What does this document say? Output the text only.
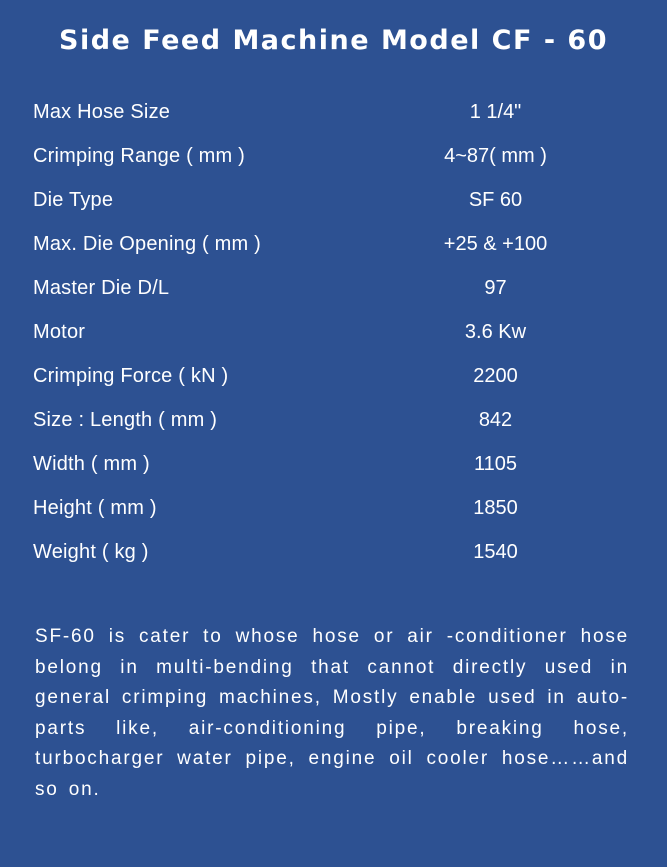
Side Feed Machine Model CF - 60
Max Hose Size	1 1/4"
Crimping Range ( mm )	4~87( mm )
Die Type	SF 60
Max. Die Opening ( mm )	+25 & +100
Master Die D/L	97
Motor	3.6 Kw
Crimping Force ( kN )	2200
Size : Length ( mm )	842
Width ( mm )	1105
Height ( mm )	1850
Weight ( kg )	1540

SF-60 is cater to whose hose or air -conditioner hose belong in multi-bending that cannot directly used in general crimping machines, Mostly enable used in auto-parts like, air-conditioning pipe, breaking hose, turbocharger water pipe, engine oil cooler hose……and so on.
